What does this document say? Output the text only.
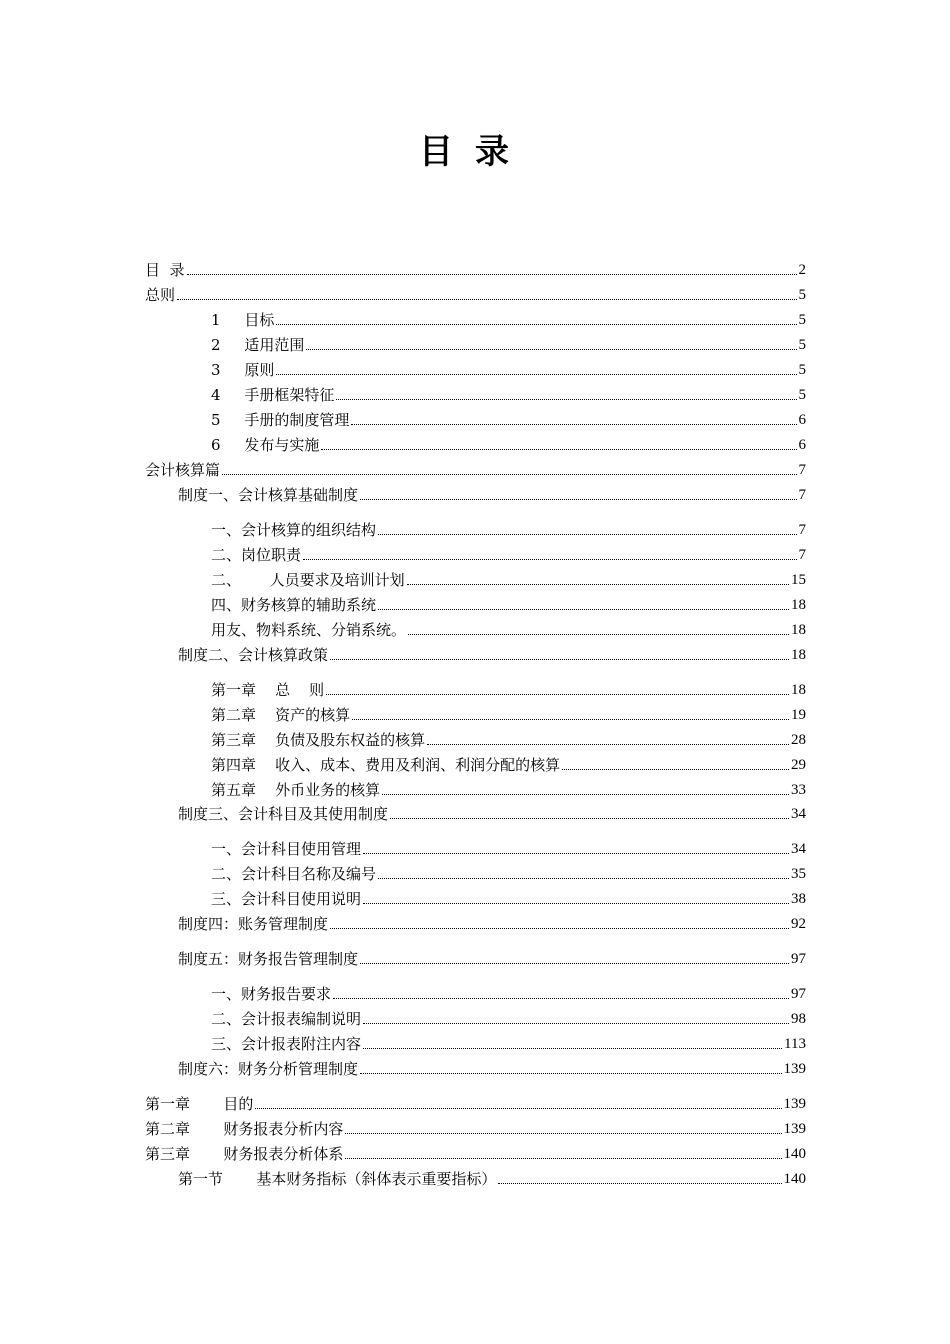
目录
目  录	2
总则	5
1     目标	5
2     适用范围	5
3     原则	5
4     手册框架特征	5
5     手册的制度管理	6
6     发布与实施	6
会计核算篇	7
制度一、会计核算基础制度	7
一、会计核算的组织结构	7
二、岗位职责	7
二、      人员要求及培训计划	15
四、财务核算的辅助系统	18
用友、物料系统、分销系统。	18
制度二、会计核算政策	18
第一章    总    则	18
第二章    资产的核算	19
第三章    负债及股东权益的核算	28
第四章    收入、成本、费用及利润、利润分配的核算	29
第五章    外币业务的核算	33
制度三、会计科目及其使用制度	34
一、会计科目使用管理	34
二、会计科目名称及编号	35
三、会计科目使用说明	38
制度四：账务管理制度	92
制度五：财务报告管理制度	97
一、财务报告要求	97
二、会计报表编制说明	98
三、会计报表附注内容	113
制度六：财务分析管理制度	139
第一章       目的	139
第二章       财务报表分析内容	139
第三章       财务报表分析体系	140
第一节       基本财务指标（斜体表示重要指标）	140
